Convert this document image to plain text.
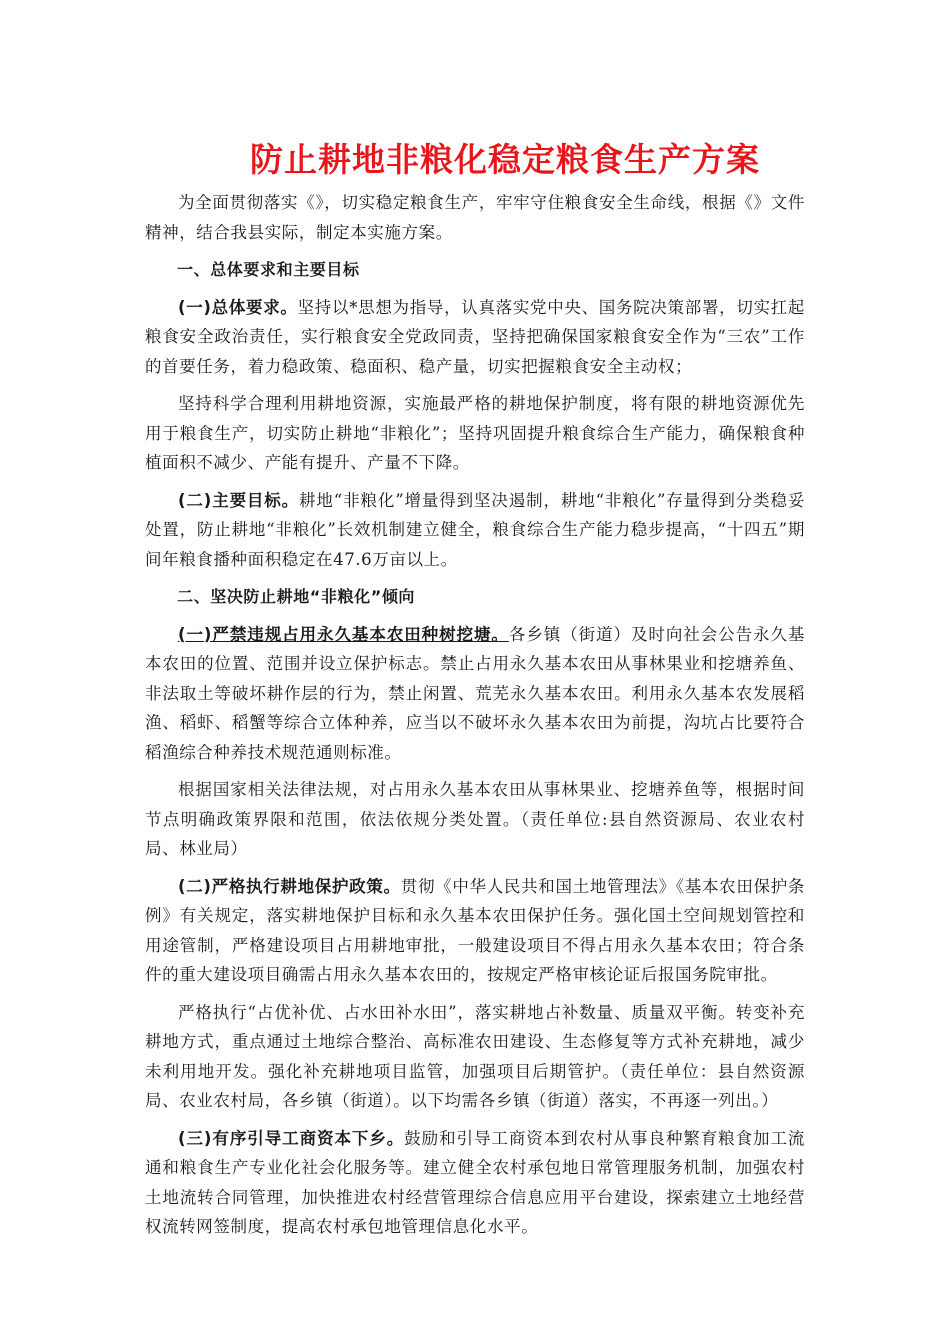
防止耕地非粮化稳定粮食生产方案

为全面贯彻落实《》，切实稳定粮食生产，牢牢守住粮食安全生命线，根据《》文件精神，结合我县实际，制定本实施方案。

一、总体要求和主要目标

(一)总体要求。坚持以*思想为指导，认真落实党中央、国务院决策部署，切实扛起粮食安全政治责任，实行粮食安全党政同责，坚持把确保国家粮食安全作为“三农”工作的首要任务，着力稳政策、稳面积、稳产量，切实把握粮食安全主动权；

坚持科学合理利用耕地资源，实施最严格的耕地保护制度，将有限的耕地资源优先用于粮食生产，切实防止耕地“非粮化”；坚持巩固提升粮食综合生产能力，确保粮食种植面积不减少、产能有提升、产量不下降。

(二)主要目标。耕地“非粮化”增量得到坚决遏制，耕地“非粮化”存量得到分类稳妥处置，防止耕地“非粮化”长效机制建立健全，粮食综合生产能力稳步提高，“十四五”期间年粮食播种面积稳定在47.6万亩以上。

二、坚决防止耕地“非粮化”倾向

(一)严禁违规占用永久基本农田种树挖塘。各乡镇（街道）及时向社会公告永久基本农田的位置、范围并设立保护标志。禁止占用永久基本农田从事林果业和挖塘养鱼、非法取土等破坏耕作层的行为，禁止闲置、荒芜永久基本农田。利用永久基本农发展稻渔、稻虾、稻蟹等综合立体种养，应当以不破坏永久基本农田为前提，沟坑占比要符合稻渔综合种养技术规范通则标准。

根据国家相关法律法规，对占用永久基本农田从事林果业、挖塘养鱼等，根据时间节点明确政策界限和范围，依法依规分类处置。（责任单位:县自然资源局、农业农村局、林业局）

(二)严格执行耕地保护政策。贯彻《中华人民共和国土地管理法》《基本农田保护条例》有关规定，落实耕地保护目标和永久基本农田保护任务。强化国土空间规划管控和用途管制，严格建设项目占用耕地审批，一般建设项目不得占用永久基本农田；符合条件的重大建设项目确需占用永久基本农田的，按规定严格审核论证后报国务院审批。

严格执行“占优补优、占水田补水田”，落实耕地占补数量、质量双平衡。转变补充耕地方式，重点通过土地综合整治、高标准农田建设、生态修复等方式补充耕地，减少未利用地开发。强化补充耕地项目监管，加强项目后期管护。（责任单位：县自然资源局、农业农村局，各乡镇（街道）。以下均需各乡镇（街道）落实，不再逐一列出。）

(三)有序引导工商资本下乡。鼓励和引导工商资本到农村从事良种繁育粮食加工流通和粮食生产专业化社会化服务等。建立健全农村承包地日常管理服务机制，加强农村土地流转合同管理，加快推进农村经营管理综合信息应用平台建设，探索建立土地经营权流转网签制度，提高农村承包地管理信息化水平。
